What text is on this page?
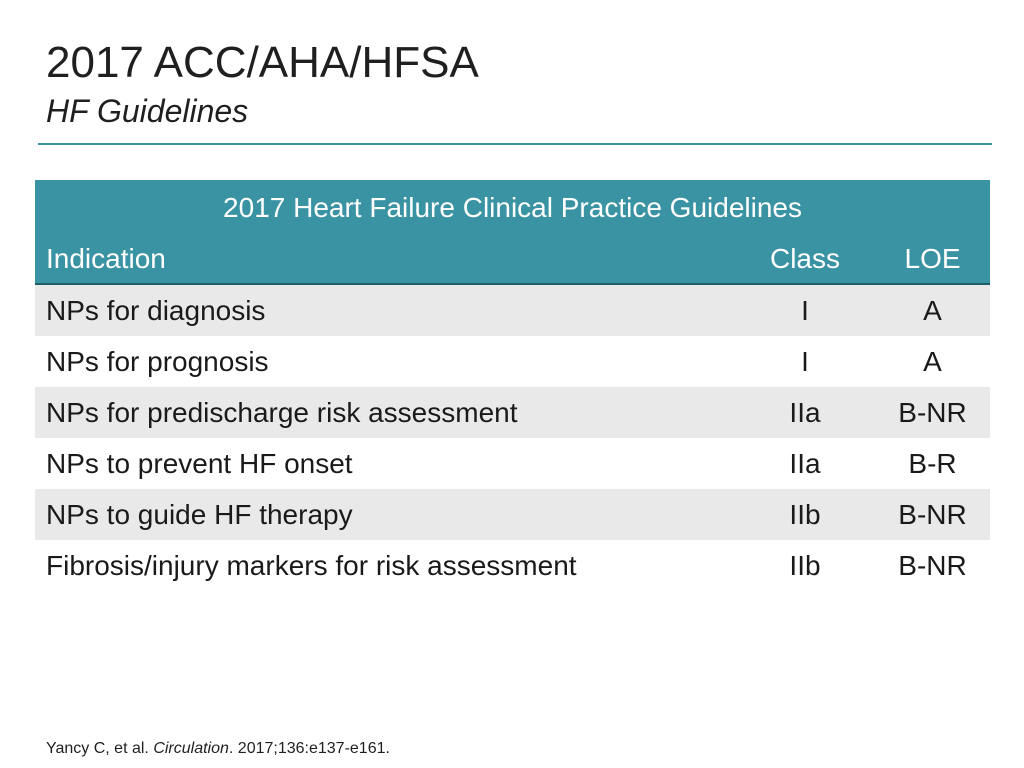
2017 ACC/AHA/HFSA
HF Guidelines
2017 Heart Failure Clinical Practice Guidelines		
Indication	Class	LOE
NPs for diagnosis	I	A
NPs for prognosis	I	A
NPs for predischarge risk assessment	IIa	B-NR
NPs to prevent HF onset	IIa	B-R
NPs to guide HF therapy	IIb	B-NR
Fibrosis/injury markers for risk assessment	IIb	B-NR
Yancy C, et al. Circulation. 2017;136:e137-e161.
